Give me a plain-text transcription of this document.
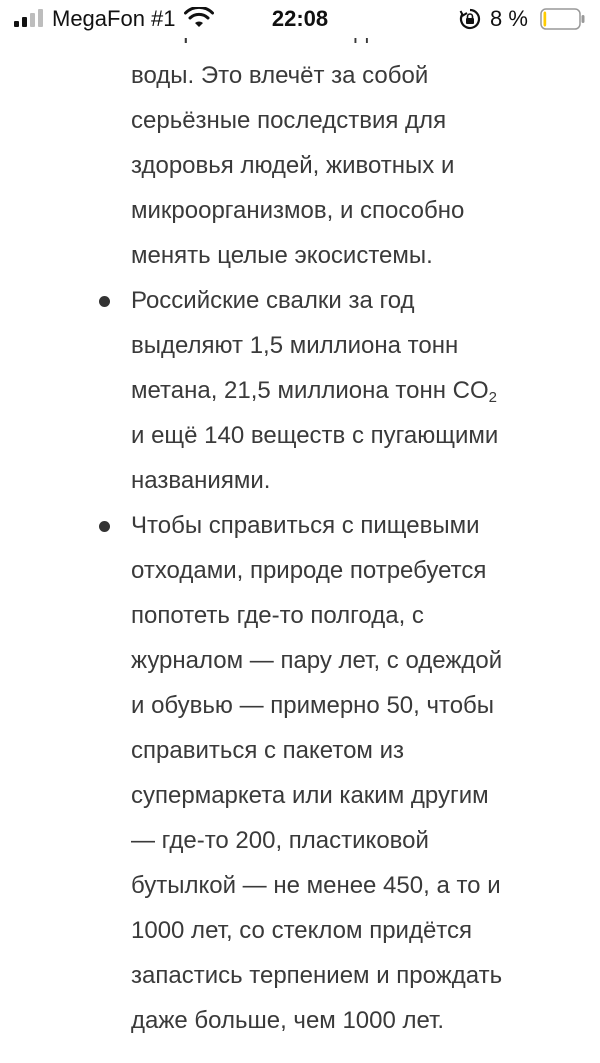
MegaFon #1	22:08	8 %
воды. Это влечёт за собой
серьёзные последствия для
здоровья людей, животных и
микроорганизмов, и способно
менять целые экосистемы.
Российские свалки за год
выделяют 1,5 миллиона тонн
метана, 21,5 миллиона тонн $CO_2$
и ещё 140 веществ с пугающими
названиями.
Чтобы справиться с пищевыми
отходами, природе потребуется
попотеть где-то полгода, с
журналом — пару лет, с одеждой
и обувью — примерно 50, чтобы
справиться с пакетом из
супермаркета или каким другим
— где-то 200, пластиковой
бутылкой — не менее 450, а то и
1000 лет, со стеклом придётся
запастись терпением и прождать
даже больше, чем 1000 лет.
